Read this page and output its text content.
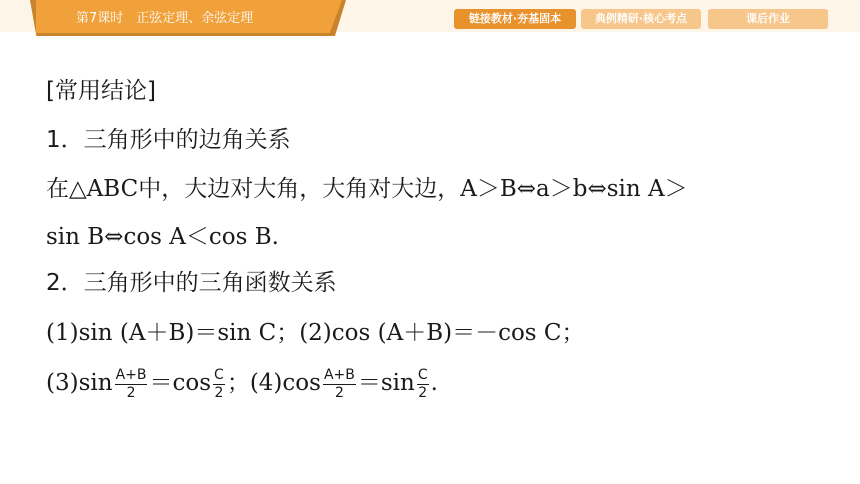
第7课时　正弦定理、余弦定理	链接教材·夯基固本	典例精研·核心考点	课后作业
[常用结论]
1．三角形中的边角关系
在△ABC中，大边对大角，大角对大边，A＞B⇔a＞b⇔sin A＞
sin B⇔cos A＜cos B.
2．三角形中的三角函数关系
(1)sin (A＋B)＝sin C；(2)cos (A＋B)＝－cos C；
$(3)\sin \frac{A+B}{2} =\cos \frac{C}{2}$ ；$(4)\cos \frac{A+B}{2} =\sin \frac{C}{2}$ .
